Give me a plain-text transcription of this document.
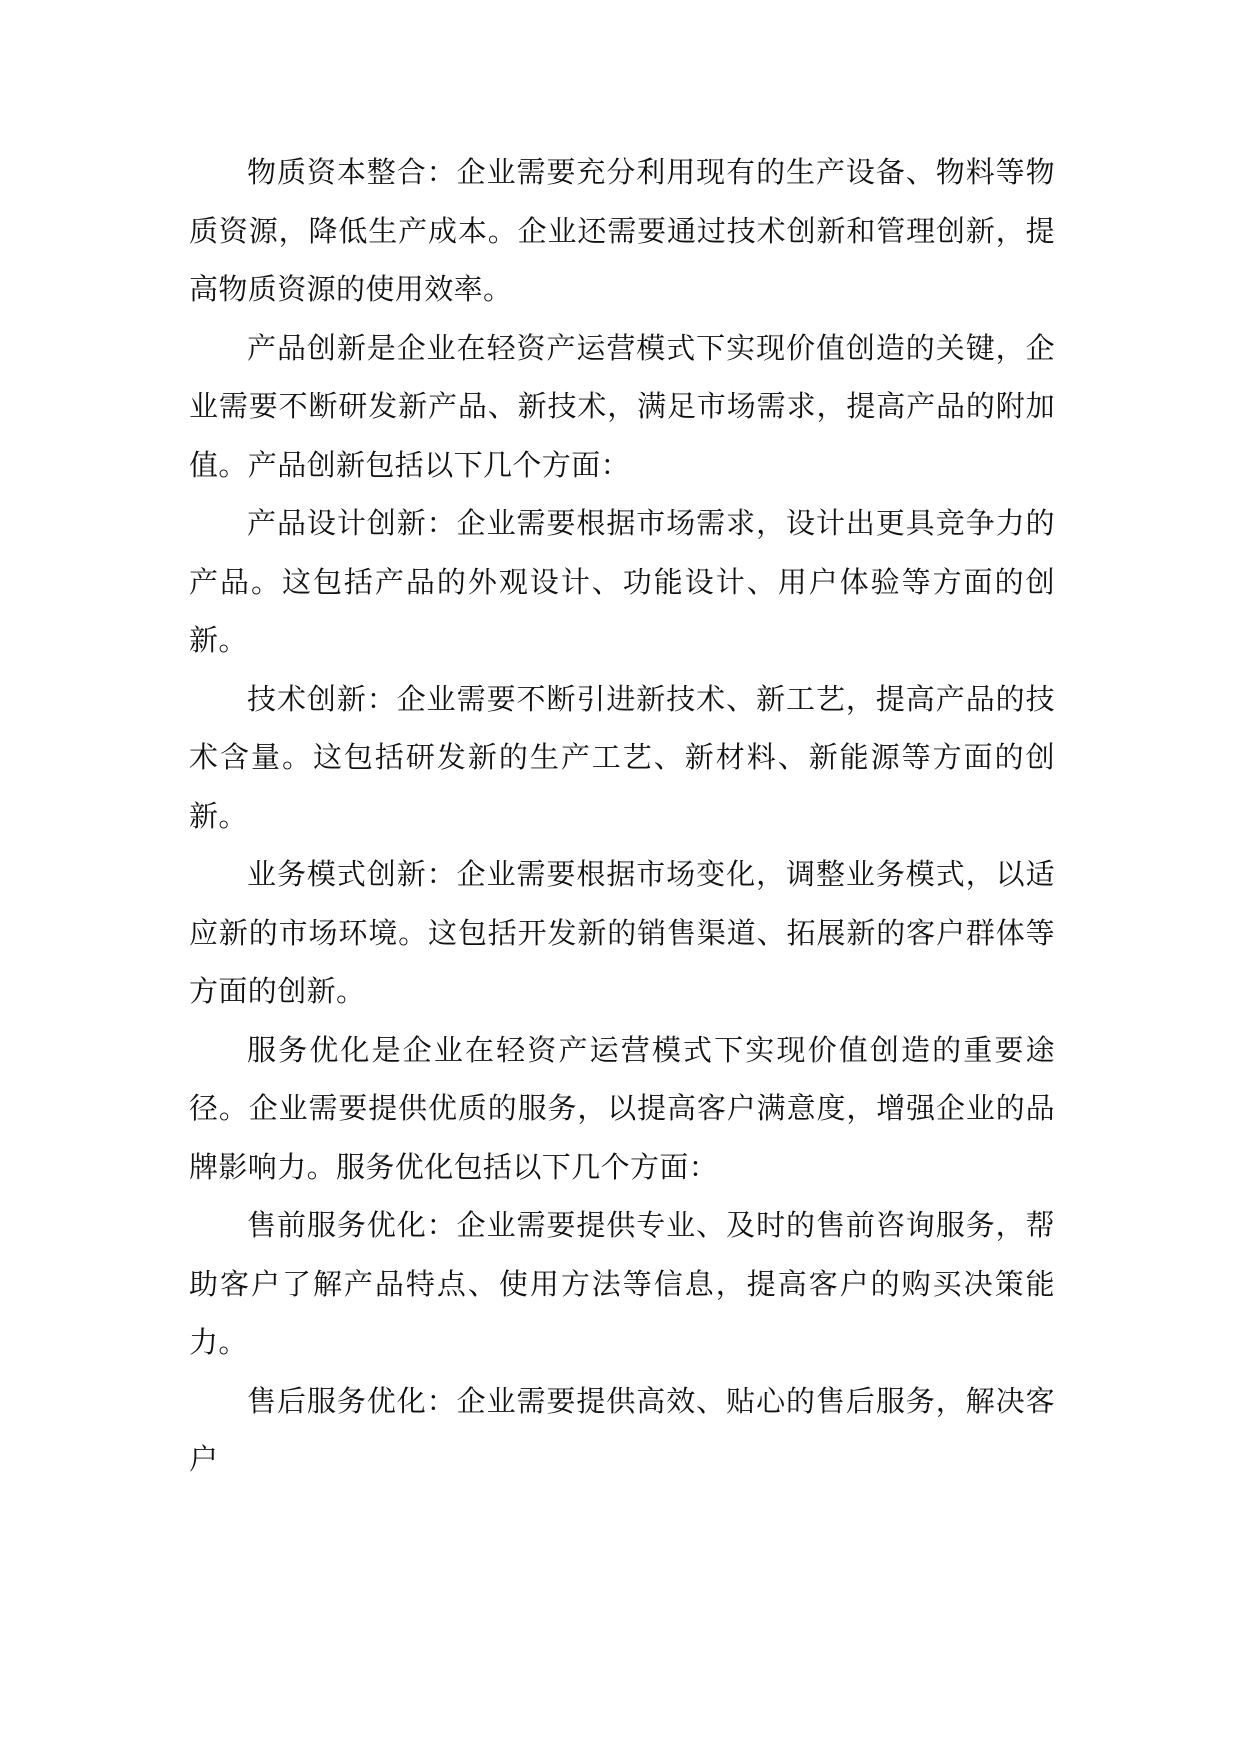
物质资本整合：企业需要充分利用现有的生产设备、物料等物质资源，降低生产成本。企业还需要通过技术创新和管理创新，提高物质资源的使用效率。

产品创新是企业在轻资产运营模式下实现价值创造的关键，企业需要不断研发新产品、新技术，满足市场需求，提高产品的附加值。产品创新包括以下几个方面：

产品设计创新：企业需要根据市场需求，设计出更具竞争力的产品。这包括产品的外观设计、功能设计、用户体验等方面的创新。

技术创新：企业需要不断引进新技术、新工艺，提高产品的技术含量。这包括研发新的生产工艺、新材料、新能源等方面的创新。

业务模式创新：企业需要根据市场变化，调整业务模式，以适应新的市场环境。这包括开发新的销售渠道、拓展新的客户群体等方面的创新。

服务优化是企业在轻资产运营模式下实现价值创造的重要途径。企业需要提供优质的服务，以提高客户满意度，增强企业的品牌影响力。服务优化包括以下几个方面：

售前服务优化：企业需要提供专业、及时的售前咨询服务，帮助客户了解产品特点、使用方法等信息，提高客户的购买决策能力。

售后服务优化：企业需要提供高效、贴心的售后服务，解决客户
